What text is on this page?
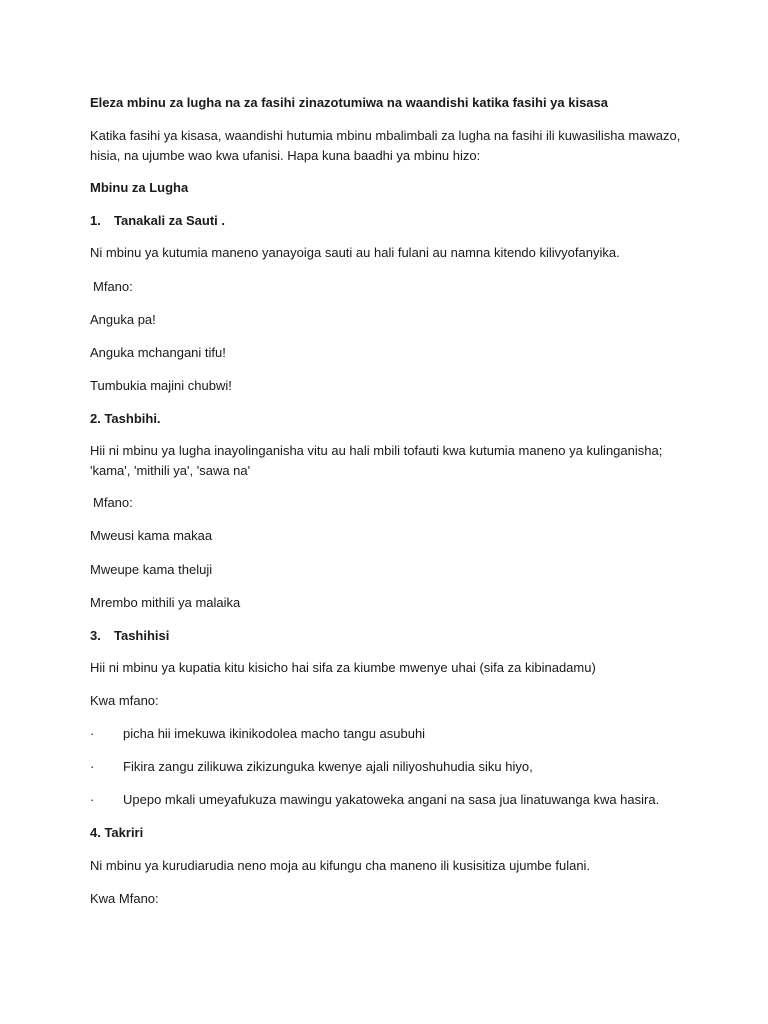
Eleza mbinu za lugha na za fasihi zinazotumiwa na waandishi katika fasihi ya kisasa

Katika fasihi ya kisasa, waandishi hutumia mbinu mbalimbali za lugha na fasihi ili kuwasilisha mawazo,

hisia, na ujumbe wao kwa ufanisi. Hapa kuna baadhi ya mbinu hizo:

Mbinu za Lugha

1. Tanakali za Sauti .

Ni mbinu ya kutumia maneno yanayoiga sauti au hali fulani au namna kitendo kilivyofanyika.

Mfano:

Anguka pa!

Anguka mchangani tifu!

Tumbukia majini chubwi!

2. Tashbihi.

Hii ni mbinu ya lugha inayolinganisha vitu au hali mbili tofauti kwa kutumia maneno ya kulinganisha;

'kama', 'mithili ya', 'sawa na'

Mfano:

Mweusi kama makaa

Mweupe kama theluji

Mrembo mithili ya malaika

3. Tashihisi

Hii ni mbinu ya kupatia kitu kisicho hai sifa za kiumbe mwenye uhai (sifa za kibinadamu)

Kwa mfano:

· picha hii imekuwa ikinikodolea macho tangu asubuhi
· Fikira zangu zilikuwa zikizunguka kwenye ajali niliyoshuhudia siku hiyo,
· Upepo mkali umeyafukuza mawingu yakatoweka angani na sasa jua linatuwanga kwa hasira.

4. Takriri

Ni mbinu ya kurudiarudia neno moja au kifungu cha maneno ili kusisitiza ujumbe fulani.

Kwa Mfano:
